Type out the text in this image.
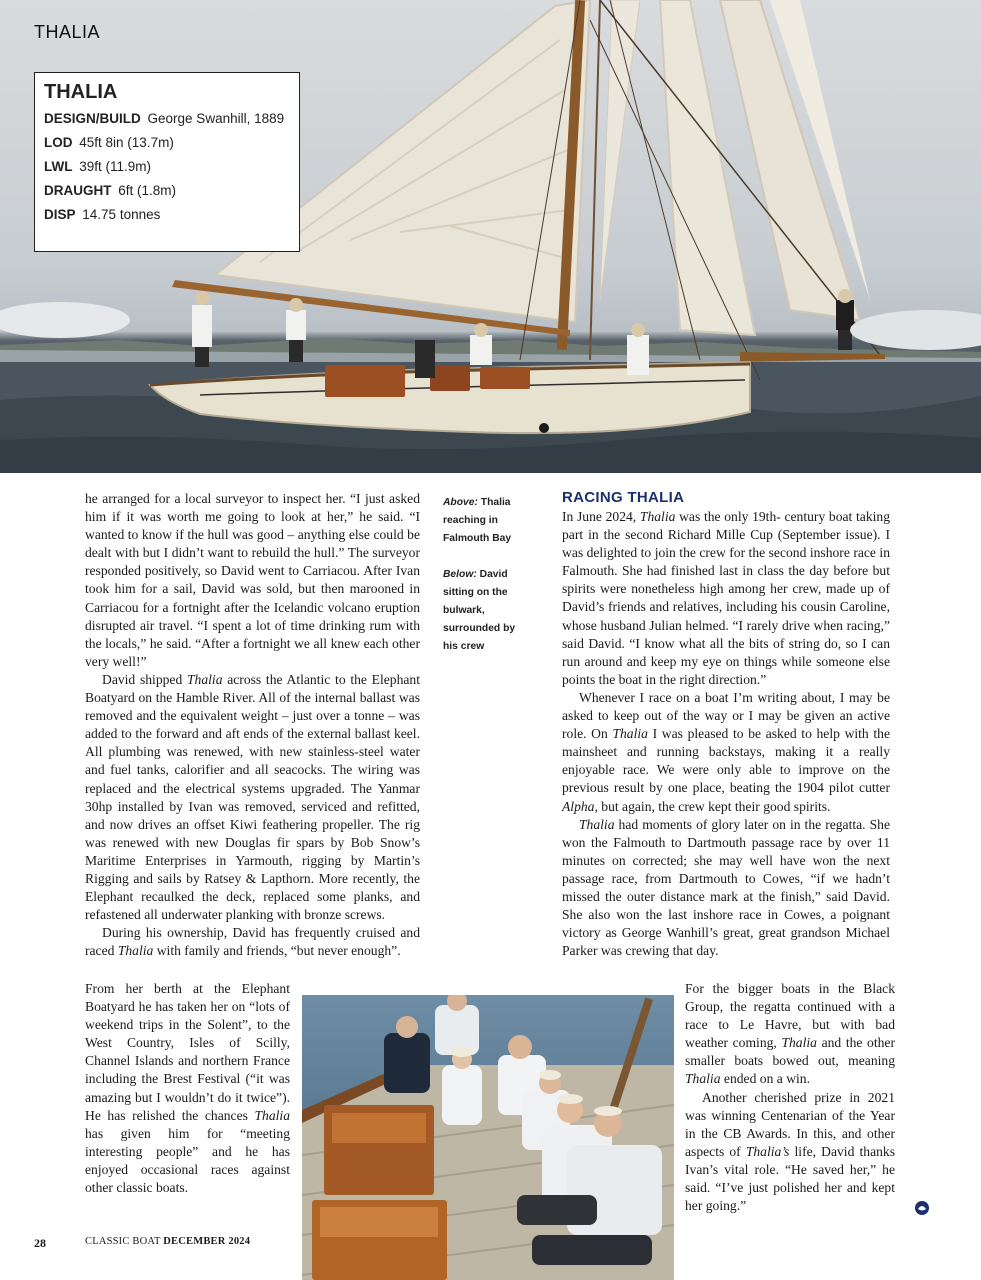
THALIA
THALIA
DESIGN/BUILD George Swanhill, 1889
LOD 45ft 8in (13.7m)
LWL 39ft (11.9m)
DRAUGHT 6ft (1.8m)
DISP 14.75 tonnes

he arranged for a local surveyor to inspect her. “I just asked him if it was worth me going to look at her,” he said. “I wanted to know if the hull was good – anything else could be dealt with but I didn’t want to rebuild the hull.” The surveyor responded positively, so David went to Carriacou. After Ivan took him for a sail, David was sold, but then marooned in Carriacou for a fortnight after the Icelandic volcano eruption disrupted air travel. “I spent a lot of time drinking rum with the locals,” he said. “After a fortnight we all knew each other very well!”

David shipped Thalia across the Atlantic to the Elephant Boatyard on the Hamble River. All of the internal ballast was removed and the equivalent weight – just over a tonne – was added to the forward and aft ends of the external ballast keel. All plumbing was renewed, with new stainless-steel water and fuel tanks, calorifier and all seacocks. The wiring was replaced and the electrical systems upgraded. The Yanmar 30hp installed by Ivan was removed, serviced and refitted, and now drives an offset Kiwi feathering propeller. The rig was renewed with new Douglas fir spars by Bob Snow’s Maritime Enterprises in Yarmouth, rigging by Martin’s Rigging and sails by Ratsey & Lapthorn. More recently, the Elephant recaulked the deck, replaced some planks, and refastened all underwater planking with bronze screws.

During his ownership, David has frequently cruised and raced Thalia with family and friends, “but never enough”.

From her berth at the Elephant Boatyard he has taken her on “lots of weekend trips in the Solent”, to the West Country, Isles of Scilly, Channel Islands and northern France including the Brest Festival (“it was amazing but I wouldn’t do it twice”). He has relished the chances Thalia has given him for “meeting interesting people” and he has enjoyed occasional races against other classic boats.

Above: Thalia reaching in Falmouth Bay
Below: David sitting on the bulwark, surrounded by his crew
RACING THALIA

In June 2024, Thalia was the only 19th- century boat taking part in the second Richard Mille Cup (September issue). I was delighted to join the crew for the second inshore race in Falmouth. She had finished last in class the day before but spirits were nonetheless high among her crew, made up of David’s friends and relatives, including his cousin Caroline, whose husband Julian helmed. “I rarely drive when racing,” said David. “I know what all the bits of string do, so I can run around and keep my eye on things while someone else points the boat in the right direction.”

Whenever I race on a boat I’m writing about, I may be asked to keep out of the way or I may be given an active role. On Thalia I was pleased to be asked to help with the mainsheet and running backstays, making it a really enjoyable race. We were only able to improve on the previous result by one place, beating the 1904 pilot cutter Alpha, but again, the crew kept their good spirits.

Thalia had moments of glory later on in the regatta. She won the Falmouth to Dartmouth passage race by over 11 minutes on corrected; she may well have won the next passage race, from Dartmouth to Cowes, “if we hadn’t missed the outer distance mark at the finish,” said David. She also won the last inshore race in Cowes, a poignant victory as George Wanhill’s great, great grandson Michael Parker was crewing that day.

For the bigger boats in the Black Group, the regatta continued with a race to Le Havre, but with bad weather coming, Thalia and the other smaller boats bowed out, meaning Thalia ended on a win.

Another cherished prize in 2021 was winning Centenarian of the Year in the CB Awards. In this, and other aspects of Thalia’s life, David thanks Ivan’s vital role. “He saved her,” he said. “I’ve just polished her and kept her going.”

28	CLASSIC BOAT DECEMBER 2024
